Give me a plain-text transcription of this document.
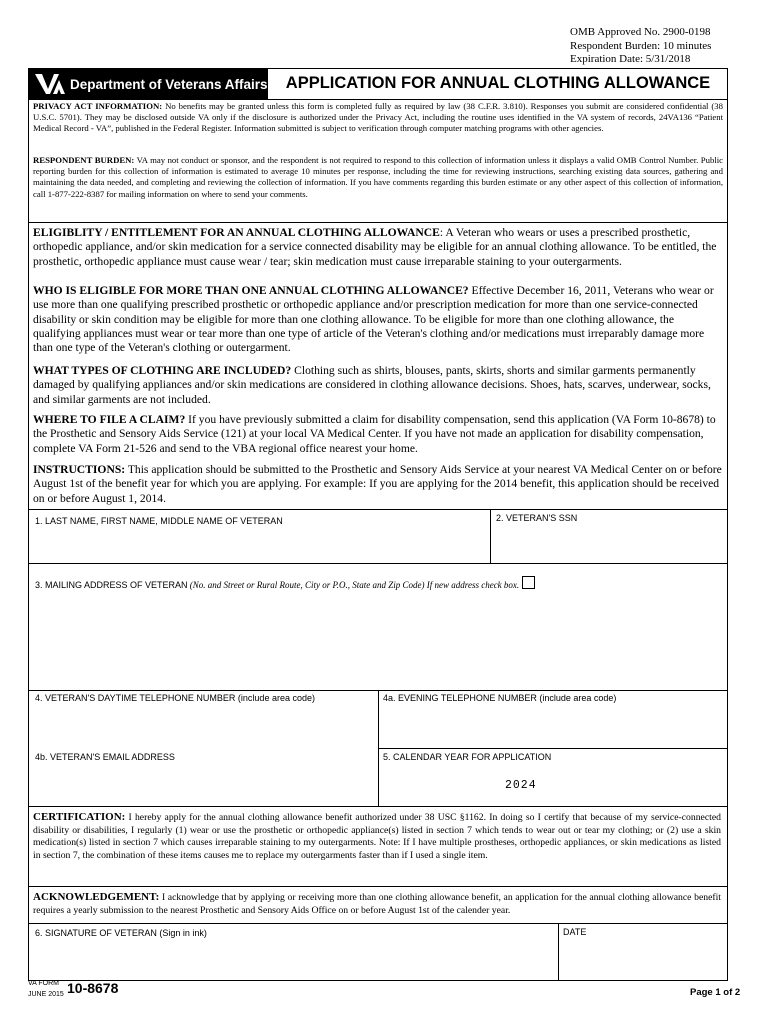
OMB Approved No. 2900-0198
Respondent Burden: 10 minutes
Expiration Date: 5/31/2018
Department of Veterans Affairs	APPLICATION FOR ANNUAL CLOTHING ALLOWANCE
PRIVACY ACT INFORMATION: No benefits may be granted unless this form is completed fully as required by law (38 C.F.R. 3.810). Responses you submit are considered confidential (38 U.S.C. 5701). They may be disclosed outside VA only if the disclosure is authorized under the Privacy Act, including the routine uses identified in the VA system of records, 24VA136 “Patient Medical Record - VA”, published in the Federal Register. Information submitted is subject to verification through computer matching programs with other agencies.
RESPONDENT BURDEN: VA may not conduct or sponsor, and the respondent is not required to respond to this collection of information unless it displays a valid OMB Control Number. Public reporting burden for this collection of information is estimated to average 10 minutes per response, including the time for reviewing instructions, searching existing data sources, gathering and maintaining the data needed, and completing and reviewing the collection of information. If you have comments regarding this burden estimate or any other aspect of this collection of information, call 1-877-222-8387 for mailing information on where to send your comments.
ELIGIBLITY / ENTITLEMENT FOR AN ANNUAL CLOTHING ALLOWANCE: A Veteran who wears or uses a prescribed prosthetic, orthopedic appliance, and/or skin medication for a service connected disability may be eligible for an annual clothing allowance. To be entitled, the prosthetic, orthopedic appliance must cause wear / tear; skin medication must cause irreparable staining to your outergarments.
WHO IS ELIGIBLE FOR MORE THAN ONE ANNUAL CLOTHING ALLOWANCE? Effective December 16, 2011, Veterans who wear or use more than one qualifying prescribed prosthetic or orthopedic appliance and/or prescription medication for more than one service-connected disability or skin condition may be eligible for more than one clothing allowance. To be eligible for more than one clothing allowance, the qualifying appliances must wear or tear more than one type of article of the Veteran's clothing and/or medications must irreparably damage more than one type of the Veteran's clothing or outergarment.
WHAT TYPES OF CLOTHING ARE INCLUDED? Clothing such as shirts, blouses, pants, skirts, shorts and similar garments permanently damaged by qualifying appliances and/or skin medications are considered in clothing allowance decisions. Shoes, hats, scarves, underwear, socks, and similar garments are not included.
WHERE TO FILE A CLAIM? If you have previously submitted a claim for disability compensation, send this application (VA Form 10-8678) to the Prosthetic and Sensory Aids Service (121) at your local VA Medical Center. If you have not made an application for disability compensation, complete VA Form 21-526 and send to the VBA regional office nearest your home.
INSTRUCTIONS: This application should be submitted to the Prosthetic and Sensory Aids Service at your nearest VA Medical Center on or before August 1st of the benefit year for which you are applying. For example: If you are applying for the 2014 benefit, this application should be received on or before August 1, 2014.
1. LAST NAME, FIRST NAME, MIDDLE NAME OF VETERAN	2. VETERAN'S SSN
3. MAILING ADDRESS OF VETERAN (No. and Street or Rural Route, City or P.O., State and Zip Code) If new address check box.
4. VETERAN'S DAYTIME TELEPHONE NUMBER (include area code)	4a. EVENING TELEPHONE NUMBER (include area code)
4b. VETERAN'S EMAIL ADDRESS	5. CALENDAR YEAR FOR APPLICATION
2024
CERTIFICATION: I hereby apply for the annual clothing allowance benefit authorized under 38 USC §1162. In doing so I certify that because of my service-connected disability or disabilities, I regularly (1) wear or use the prosthetic or orthopedic appliance(s) listed in section 7 which tends to wear out or tear my clothing; or (2) use a skin medication(s) listed in section 7 which causes irreparable staining to my outergarments. Note: If I have multiple prostheses, orthopedic appliances, or skin medications as listed in section 7, the combination of these items causes me to replace my outergarments faster than if I used a single item.
ACKNOWLEDGEMENT: I acknowledge that by applying or receiving more than one clothing allowance benefit, an application for the annual clothing allowance benefit requires a yearly submission to the nearest Prosthetic and Sensory Aids Office on or before August 1st of the calender year.
6. SIGNATURE OF VETERAN (Sign in ink)	DATE
VA FORM
JUNE 2015 10-8678	Page 1 of 2
